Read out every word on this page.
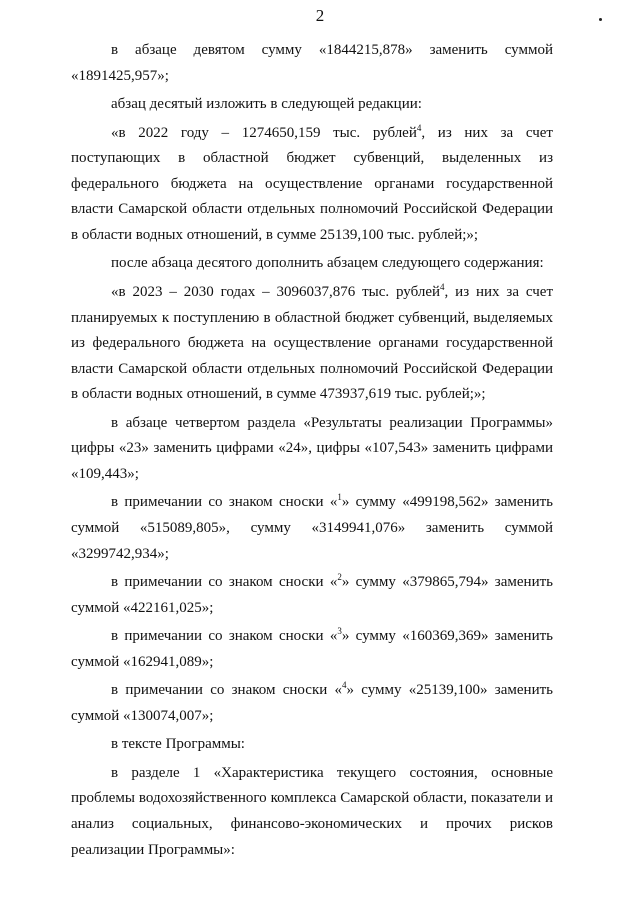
2

в абзаце девятом сумму «1844215,878» заменить суммой «1891425,957»;

абзац десятый изложить в следующей редакции:

«в 2022 году – 1274650,159 тыс. рублей$^4$, из них за счет поступающих в областной бюджет субвенций, выделенных из федерального бюджета на осуществление органами государственной власти Самарской области отдельных полномочий Российской Федерации в области водных отношений, в сумме 25139,100 тыс. рублей;»;

после абзаца десятого дополнить абзацем следующего содержания:

«в 2023 – 2030 годах – 3096037,876 тыс. рублей$^4$, из них за счет планируемых к поступлению в областной бюджет субвенций, выделяемых из федерального бюджета на осуществление органами государственной власти Самарской области отдельных полномочий Российской Федерации в области водных отношений, в сумме 473937,619 тыс. рублей;»;

в абзаце четвертом раздела «Результаты реализации Программы» цифры «23» заменить цифрами «24», цифры «107,543» заменить цифрами «109,443»;

в примечании со знаком сноски «$^1$» сумму «499198,562» заменить суммой «515089,805», сумму «3149941,076» заменить суммой «3299742,934»;

в примечании со знаком сноски «$^2$» сумму «379865,794» заменить суммой «422161,025»;

в примечании со знаком сноски «$^3$» сумму «160369,369» заменить суммой «162941,089»;

в примечании со знаком сноски «$^4$» сумму «25139,100» заменить суммой «130074,007»;

в тексте Программы:

в разделе 1 «Характеристика текущего состояния, основные проблемы водохозяйственного комплекса Самарской области, показатели и анализ социальных, финансово-экономических и прочих рисков реализации Программы»:
